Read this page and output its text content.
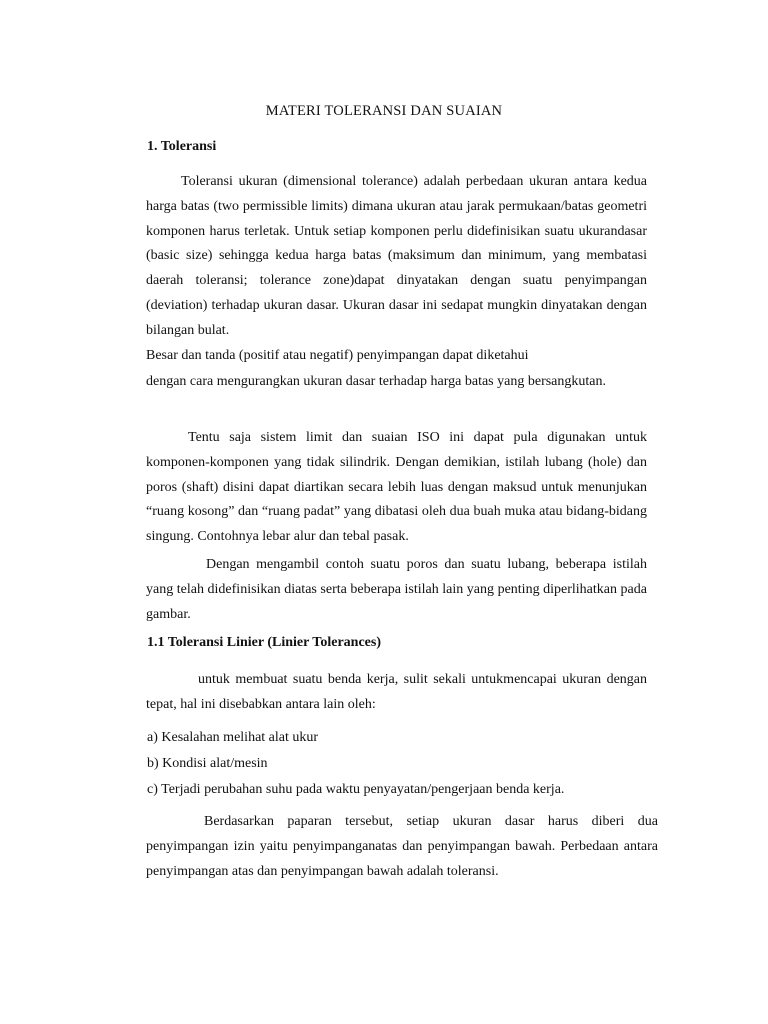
MATERI TOLERANSI DAN SUAIAN
1. Toleransi

Toleransi ukuran (dimensional tolerance) adalah perbedaan ukuran antara kedua harga batas (two permissible limits) dimana ukuran atau jarak permukaan/batas geometri komponen harus terletak. Untuk setiap komponen perlu didefinisikan suatu ukurandasar (basic size) sehingga kedua harga batas (maksimum dan minimum, yang membatasi daerah toleransi; tolerance zone)dapat dinyatakan dengan suatu penyimpangan (deviation) terhadap ukuran dasar. Ukuran dasar ini sedapat mungkin dinyatakan dengan bilangan bulat.

Besar dan tanda (positif atau negatif) penyimpangan dapat diketahui

dengan cara mengurangkan ukuran dasar terhadap harga batas yang bersangkutan.

Tentu saja sistem limit dan suaian ISO ini dapat pula digunakan untuk komponen-komponen yang tidak silindrik. Dengan demikian, istilah lubang (hole) dan poros (shaft) disini dapat diartikan secara lebih luas dengan maksud untuk menunjukan “ruang kosong” dan “ruang padat” yang dibatasi oleh dua buah muka atau bidang-bidang singung. Contohnya lebar alur dan tebal pasak.

Dengan mengambil contoh suatu poros dan suatu lubang, beberapa istilah yang telah didefinisikan diatas serta beberapa istilah lain yang penting diperlihatkan pada gambar.

1.1 Toleransi Linier (Linier Tolerances)

untuk membuat suatu benda kerja, sulit sekali untukmencapai ukuran dengan tepat, hal ini disebabkan antara lain oleh:

a) Kesalahan melihat alat ukur
b) Kondisi alat/mesin
c) Terjadi perubahan suhu pada waktu penyayatan/pengerjaan benda kerja.

Berdasarkan paparan tersebut, setiap ukuran dasar harus diberi dua penyimpangan izin yaitu penyimpanganatas dan penyimpangan bawah. Perbedaan antara penyimpangan atas dan penyimpangan bawah adalah toleransi.
